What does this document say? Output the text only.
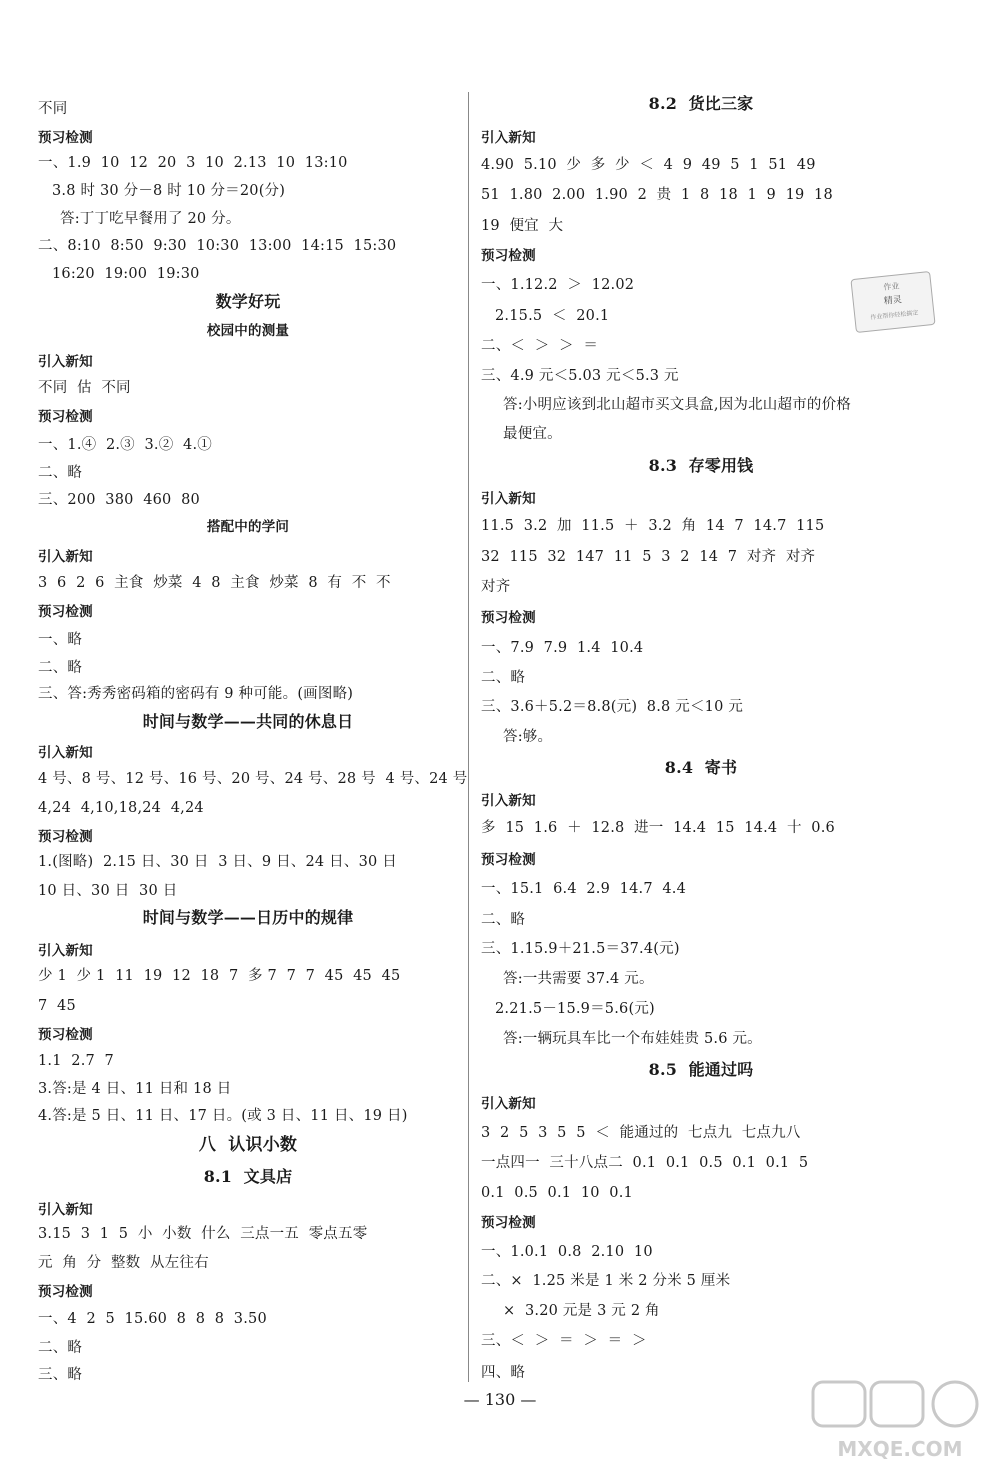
不同
预习检测
一、1.9  10  12  20  3  10  2.13  10  13:10
3.8 时 30 分－8 时 10 分＝20(分)
答:丁丁吃早餐用了 20 分。
二、8:10  8:50  9:30  10:30  13:00  14:15  15:30
16:20  19:00  19:30
数学好玩
校园中的测量
引入新知
不同  估  不同
预习检测
一、1.④  2.③  3.②  4.①
二、略
三、200  380  460  80
搭配中的学问
引入新知
3  6  2  6  主食  炒菜  4  8  主食  炒菜  8  有  不  不
预习检测
一、略
二、略
三、答:秀秀密码箱的密码有 9 种可能。(画图略)
时间与数学——共同的休息日
引入新知
4 号、8 号、12 号、16 号、20 号、24 号、28 号  4 号、24 号
4,24  4,10,18,24  4,24
预习检测
1.(图略)  2.15 日、30 日  3 日、9 日、24 日、30 日
10 日、30 日  30 日
时间与数学——日历中的规律
引入新知
少 1  少 1  11  19  12  18  7  多 7  7  7  45  45  45
7  45
预习检测
1.1  2.7  7
3.答:是 4 日、11 日和 18 日
4.答:是 5 日、11 日、17 日。(或 3 日、11 日、19 日)
八  认识小数
8.1  文具店
引入新知
3.15  3  1  5  小  小数  什么  三点一五  零点五零
元  角  分  整数  从左往右
预习检测
一、4  2  5  15.60  8  8  8  3.50
二、略
三、略
8.2  货比三家
引入新知
4.90  5.10  少  多  少  ＜  4  9  49  5  1  51  49
51  1.80  2.00  1.90  2  贵  1  8  18  1  9  19  18
19  便宜  大
预习检测
一、1.12.2  ＞  12.02
2.15.5  ＜  20.1
二、＜  ＞  ＞  ＝
三、4.9 元＜5.03 元＜5.3 元
答:小明应该到北山超市买文具盒,因为北山超市的价格
最便宜。
8.3  存零用钱
引入新知
11.5  3.2  加  11.5  ＋  3.2  角  14  7  14.7  115
32  115  32  147  11  5  3  2  14  7  对齐  对齐
对齐
预习检测
一、7.9  7.9  1.4  10.4
二、略
三、3.6＋5.2＝8.8(元)  8.8 元＜10 元
答:够。
8.4  寄书
引入新知
多  15  1.6  ＋  12.8  进一  14.4  15  14.4  十  0.6
预习检测
一、15.1  6.4  2.9  14.7  4.4
二、略
三、1.15.9＋21.5＝37.4(元)
答:一共需要 37.4 元。
2.21.5－15.9＝5.6(元)
答:一辆玩具车比一个布娃娃贵 5.6 元。
8.5  能通过吗
引入新知
3  2  5  3  5  5  ＜  能通过的  七点九  七点九八
一点四一  三十八点二  0.1  0.1  0.5  0.1  0.1  5
0.1  0.5  0.1  10  0.1
预习检测
一、1.0.1  0.8  2.10  10
二、×  1.25 米是 1 米 2 分米 5 厘米
×  3.20 元是 3 元 2 角
三、＜  ＞  ＝  ＞  ＝  ＞
四、略
作业
精灵
作业帮你轻松搞定
— 130 —
MXQE.COM
